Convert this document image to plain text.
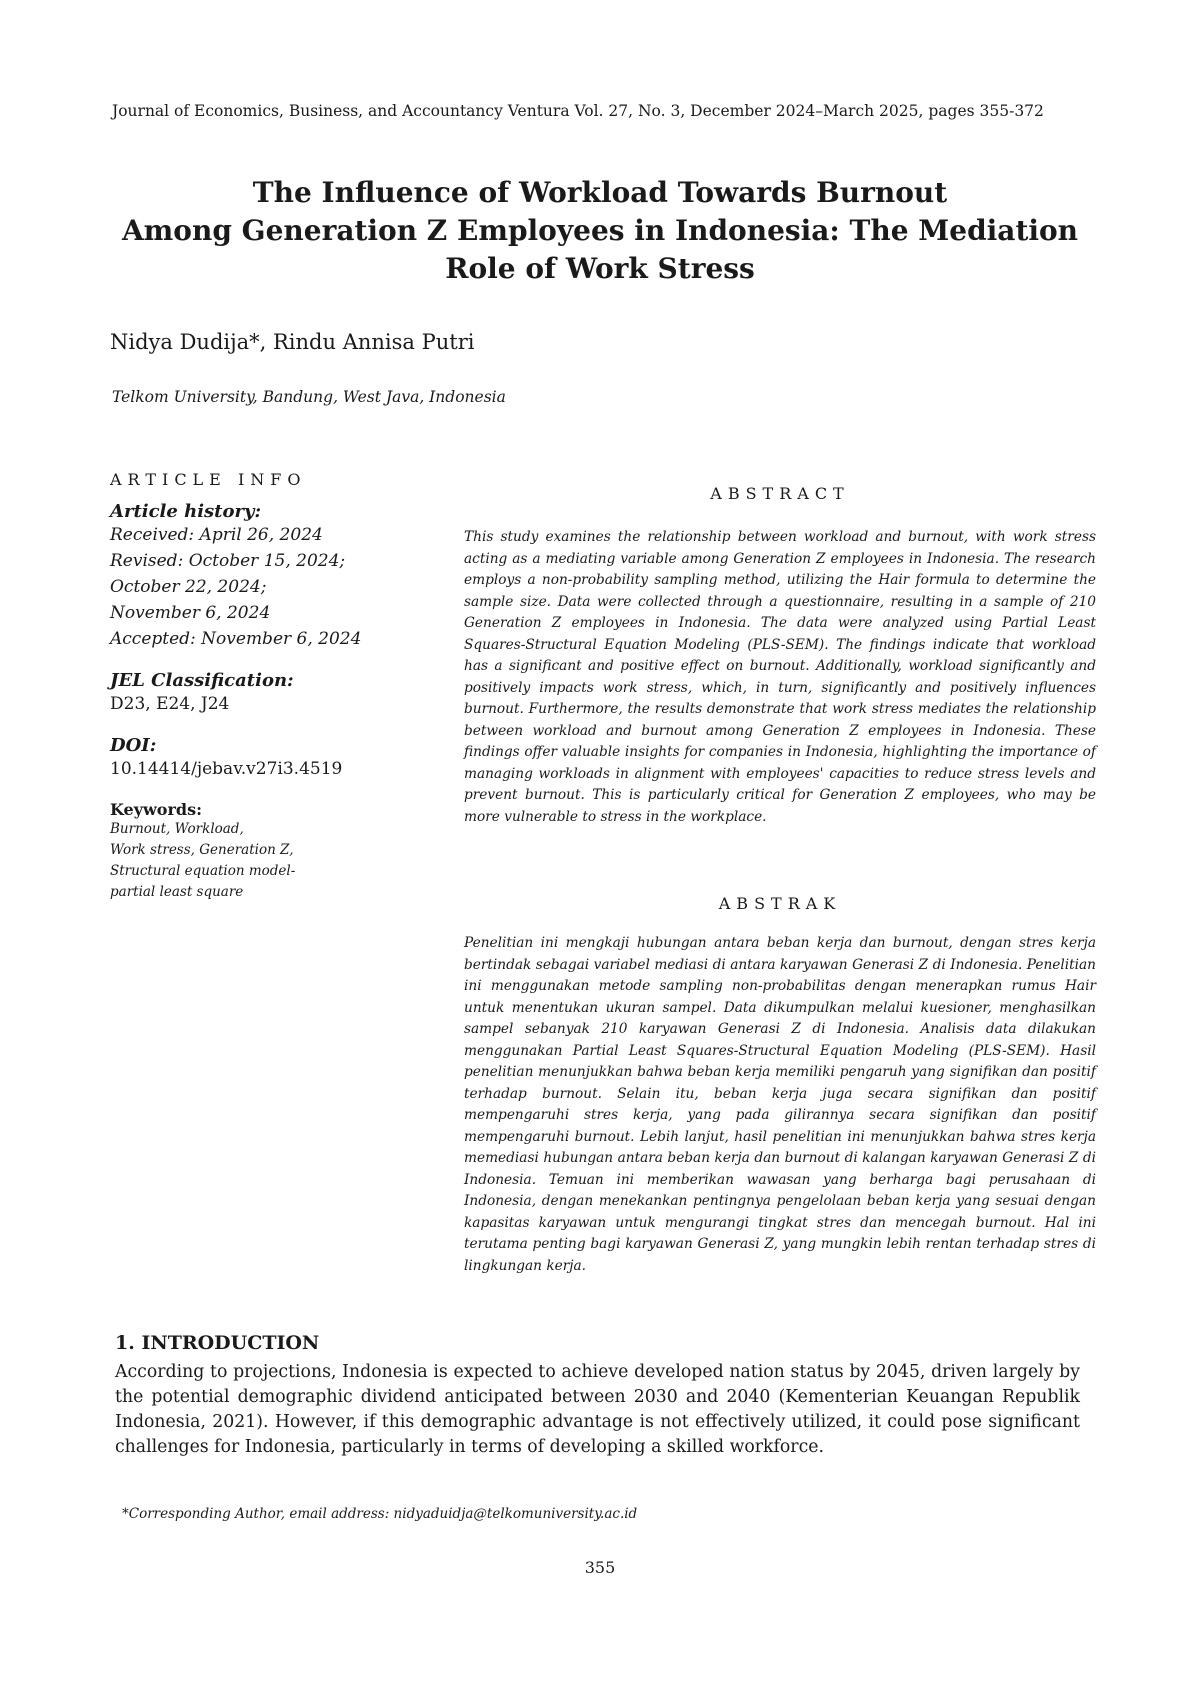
Journal of Economics, Business, and Accountancy Ventura Vol. 27, No. 3, December 2024–March 2025, pages 355-372
The Influence of Workload Towards Burnout
Among Generation Z Employees in Indonesia: The Mediation
Role of Work Stress
Nidya Dudija*, Rindu Annisa Putri
Telkom University, Bandung, West Java, Indonesia
ARTICLE INFO
Article history:
Received: April 26, 2024
Revised: October 15, 2024;
October 22, 2024;
November 6, 2024
Accepted: November 6, 2024
JEL Classification:
D23, E24, J24
DOI:
10.14414/jebav.v27i3.4519
Keywords:
Burnout, Workload,
Work stress, Generation Z,
Structural equation model-
partial least square
ABSTRACT
This study examines the relationship between workload and burnout, with work stress acting as a mediating variable among Generation Z employees in Indonesia. The research employs a non-probability sampling method, utilizing the Hair formula to determine the sample size. Data were collected through a questionnaire, resulting in a sample of 210 Generation Z employees in Indonesia. The data were analyzed using Partial Least Squares-Structural Equation Modeling (PLS-SEM). The findings indicate that workload has a significant and positive effect on burnout. Additionally, workload significantly and positively impacts work stress, which, in turn, significantly and positively influences burnout. Furthermore, the results demonstrate that work stress mediates the relationship between workload and burnout among Generation Z employees in Indonesia. These findings offer valuable insights for companies in Indonesia, highlighting the importance of managing workloads in alignment with employees' capacities to reduce stress levels and prevent burnout. This is particularly critical for Generation Z employees, who may be more vulnerable to stress in the workplace.
ABSTRAK
Penelitian ini mengkaji hubungan antara beban kerja dan burnout, dengan stres kerja bertindak sebagai variabel mediasi di antara karyawan Generasi Z di Indonesia. Penelitian ini menggunakan metode sampling non-probabilitas dengan menerapkan rumus Hair untuk menentukan ukuran sampel. Data dikumpulkan melalui kuesioner, menghasilkan sampel sebanyak 210 karyawan Generasi Z di Indonesia. Analisis data dilakukan menggunakan Partial Least Squares-Structural Equation Modeling (PLS-SEM). Hasil penelitian menunjukkan bahwa beban kerja memiliki pengaruh yang signifikan dan positif terhadap burnout. Selain itu, beban kerja juga secara signifikan dan positif mempengaruhi stres kerja, yang pada gilirannya secara signifikan dan positif mempengaruhi burnout. Lebih lanjut, hasil penelitian ini menunjukkan bahwa stres kerja memediasi hubungan antara beban kerja dan burnout di kalangan karyawan Generasi Z di Indonesia. Temuan ini memberikan wawasan yang berharga bagi perusahaan di Indonesia, dengan menekankan pentingnya pengelolaan beban kerja yang sesuai dengan kapasitas karyawan untuk mengurangi tingkat stres dan mencegah burnout. Hal ini terutama penting bagi karyawan Generasi Z, yang mungkin lebih rentan terhadap stres di lingkungan kerja.
1. INTRODUCTION
According to projections, Indonesia is expected to achieve developed nation status by 2045, driven largely by the potential demographic dividend anticipated between 2030 and 2040 (Kementerian Keuangan Republik Indonesia, 2021). However, if this demographic advantage is not effectively utilized, it could pose significant challenges for Indonesia, particularly in terms of developing a skilled workforce.
*Corresponding Author, email address: nidyaduidja@telkomuniversity.ac.id
355
